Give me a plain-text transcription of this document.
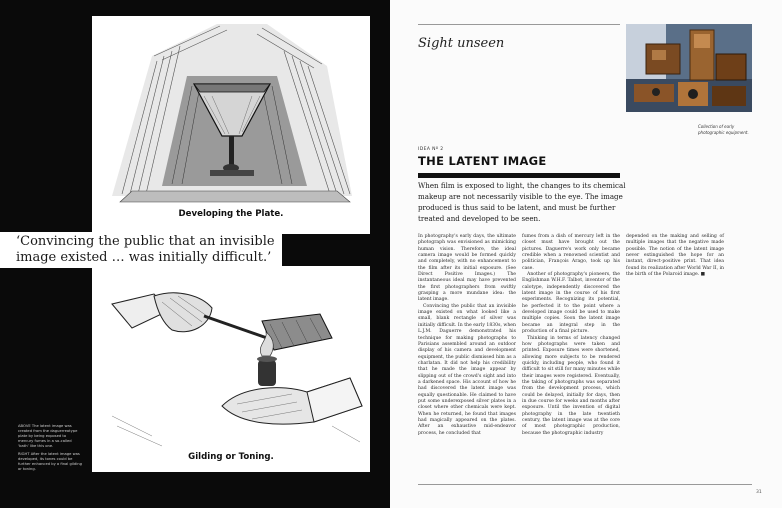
Developing the Plate.
‘Convincing the public that an invisible image existed … was initially difficult.’
Gilding or Toning.

ABOVE The latent image was created from the daguerreotype plate by being exposed to mercury fumes in a so-called ‘bath’ like this one.

RIGHT After the latent image was developed, its tones could be further enhanced by a final gilding or toning.

Sight unseen
Collection of early photographic equipment.
IDEA Nº 2
THE LATENT IMAGE
When film is exposed to light, the changes to its chemical makeup are not necessarily visible to the eye. The image produced is thus said to be latent, and must be further treated and developed to be seen.

In photography's early days, the ultimate photograph was envisioned as mimicking human vision. Therefore, the ideal camera image would be formed quickly and completely, with no enhancement to the film after its initial exposure. (See Direct Positive Images.) The instantaneous ideal may have prevented the first photographers from swiftly grasping a more mundane idea: the latent image.

Convincing the public that an invisible image existed on what looked like a small, blank rectangle of silver was initially difficult. In the early 1830s, when L.J.M. Daguerre demonstrated his technique for making photographs to Parisians assembled around an outdoor display of his camera and development equipment, the public dismissed him as a charlatan. It did not help his credibility that he made the image appear by slipping out of the crowd's sight and into a darkened space. His account of how he had discovered the latent image was equally questionable. He claimed to have put some underexposed silver plates in a closet where other chemicals were kept. When he returned, he found that images had magically appeared on the plates. After an exhaustive mid-endeavor process, he concluded that

fumes from a dish of mercury left in the closet must have brought out the pictures. Daguerre's work only became credible when a renowned scientist and politician, François Arago, took up his case.

Another of photography's pioneers, the Englishman W.H.F. Talbot, inventor of the calotype, independently discovered the latent image in the course of his first experiments. Recognizing its potential, he perfected it to the point where a developed image could be used to make multiple copies. Soon the latent image became an integral step in the production of a final picture.

Thinking in terms of latency changed how photographs were taken and printed. Exposure times were shortened, allowing more subjects to be rendered quickly, including people, who found it difficult to sit still for many minutes while their images were registered. Eventually, the taking of photographs was separated from the development process, which could be delayed, initially for days, then in due course for weeks and months after exposure. Until the invention of digital photography in the late twentieth century, the latent image was at the core of most photographic production, because the photographic industry

depended on the making and selling of multiple images that the negative made possible. The notion of the latent image never extinguished the hope for an instant, direct-positive print. That idea found its realization after World War II, in the birth of the Polaroid image. ■

31
